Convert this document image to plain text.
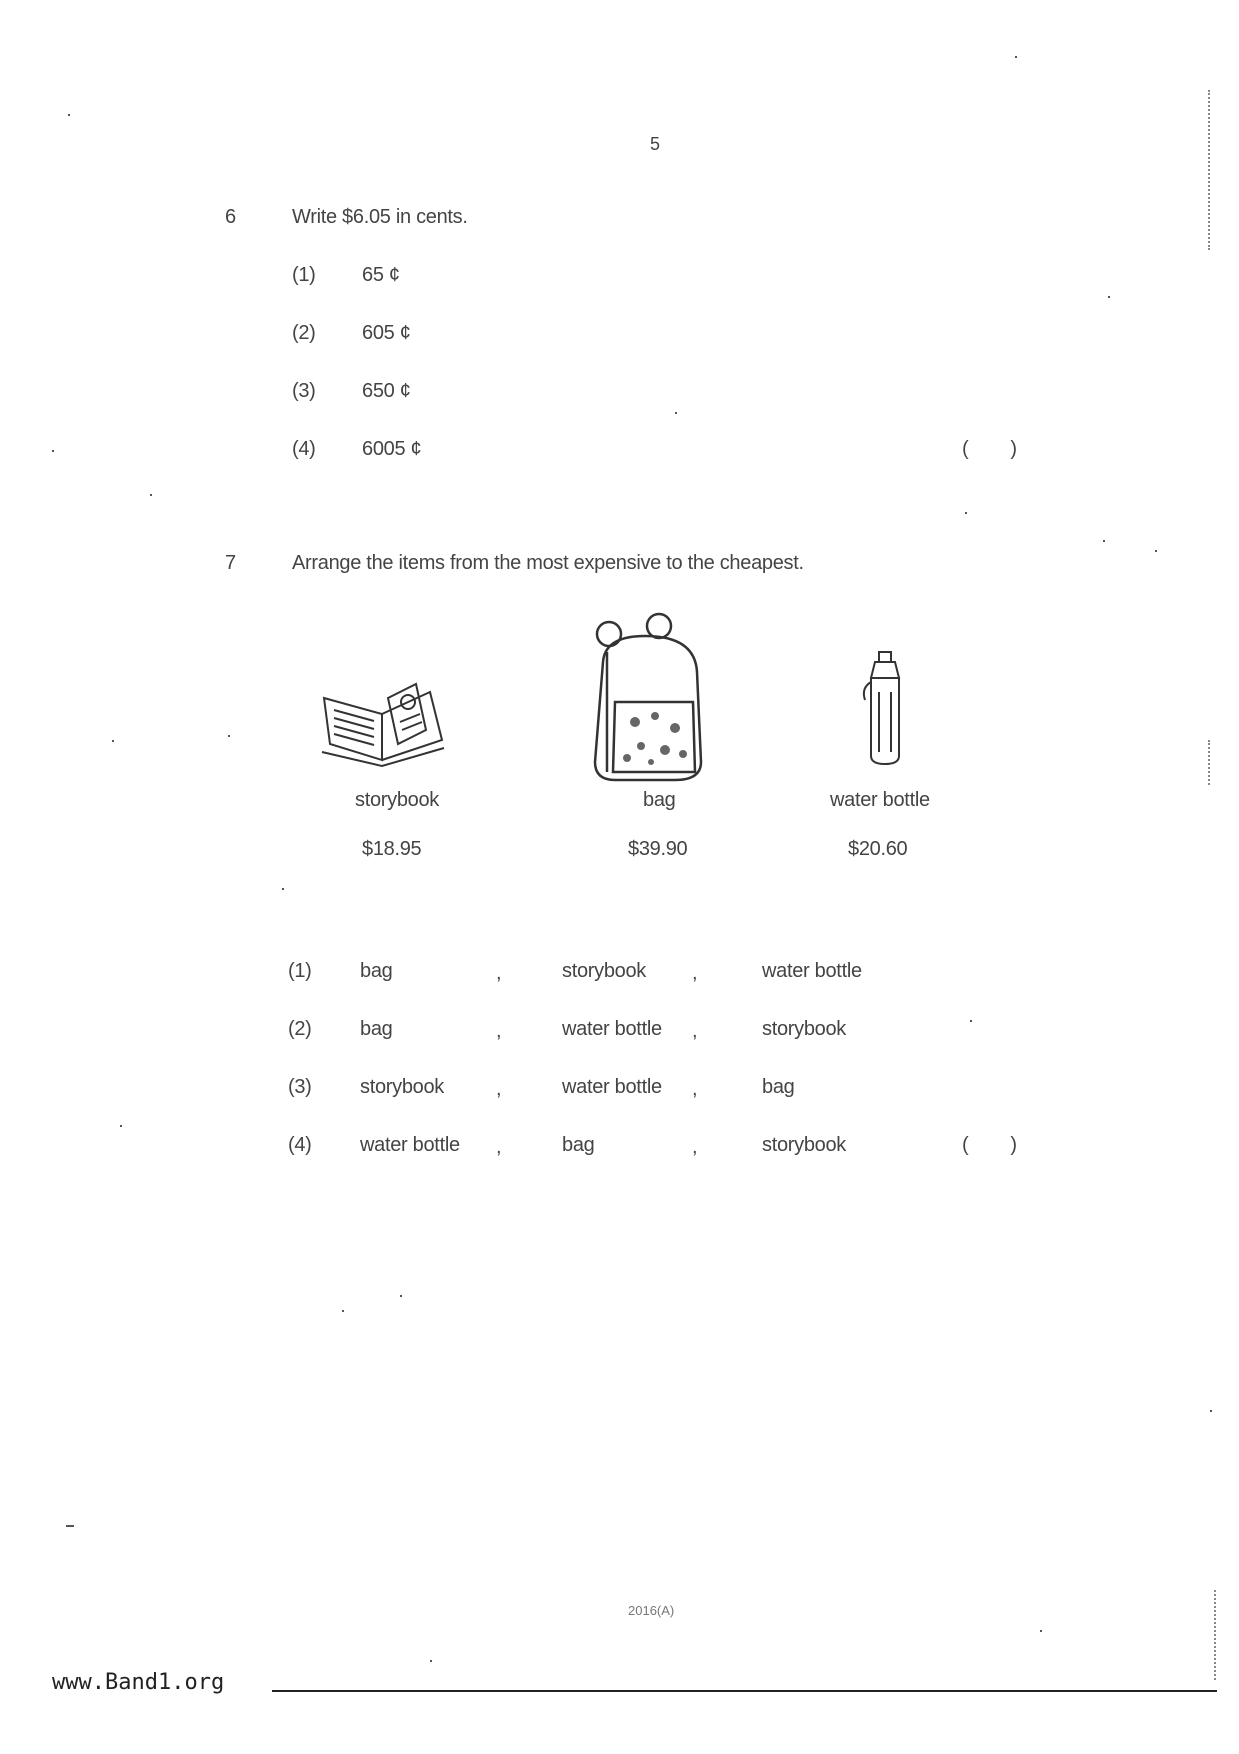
5
6	Write $6.05 in cents.
(1) 65 ¢
(2) 605 ¢
(3) 650 ¢
(4) 6005 ¢	(        )
7	Arrange the items from the most expensive to the cheapest.
storybook
$18.95
bag
$39.90
water bottle
$20.60
(1) bag	,	storybook ,	water bottle
(2) bag	,	water bottle ,	storybook
(3) storybook	,	water bottle ,	bag
(4) water bottle ,	bag	,	storybook	(        )
2016(A)
www.Band1.org
